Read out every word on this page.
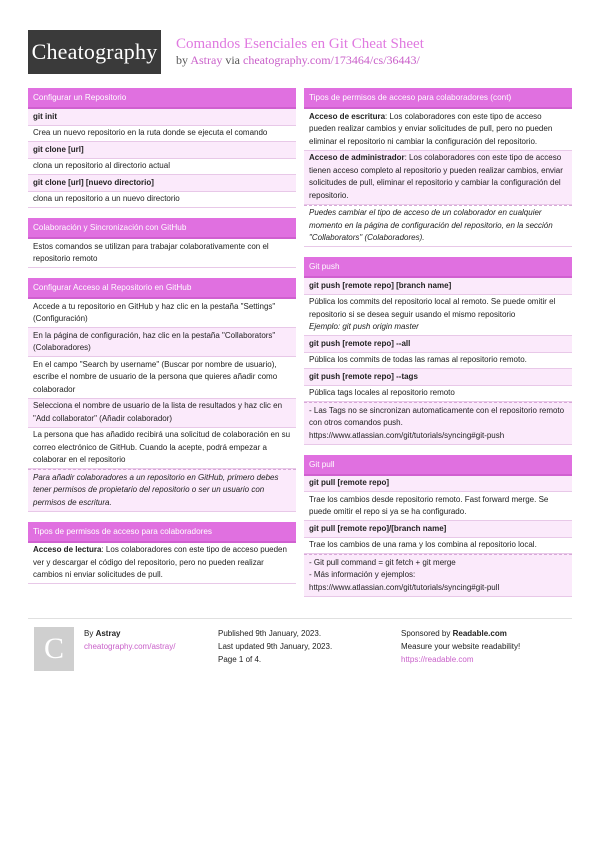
Cheatography Comandos Esenciales en Git Cheat Sheet
by Astray via cheatography.com/173464/cs/36443/
Configurar un Repositorio
git init
Crea un nuevo repositorio en la ruta donde se ejecuta el comando
git clone [url]
clona un repositorio al directorio actual
git clone [url] [nuevo directorio]
clona un repositorio a un nuevo directorio
Colaboración y Sincronización con GitHub
Estos comandos se utilizan para trabajar colaborativamente con el repositorio remoto
Configurar Acceso al Repositorio en GitHub
Accede a tu repositorio en GitHub y haz clic en la pestaña "Settings" (Configuración)
En la página de configuración, haz clic en la pestaña "Collaborators" (Colaboradores)
En el campo "Search by username" (Buscar por nombre de usuario), escribe el nombre de usuario de la persona que quieres añadir como colaborador
Selecciona el nombre de usuario de la lista de resultados y haz clic en "Add collaborator" (Añadir colaborador)
La persona que has añadido recibirá una solicitud de colaboración en su correo electrónico de GitHub. Cuando la acepte, podrá empezar a colaborar en el repositorio
Para añadir colaboradores a un repositorio en GitHub, primero debes tener permisos de propietario del repositorio o ser un usuario con permisos de escritura.
Tipos de permisos de acceso para colaboradores
Acceso de lectura: Los colaboradores con este tipo de acceso pueden ver y descargar el código del repositorio, pero no pueden realizar cambios ni enviar solicitudes de pull.
Tipos de permisos de acceso para colaboradores (cont)
Acceso de escritura: Los colaboradores con este tipo de acceso pueden realizar cambios y enviar solicitudes de pull, pero no pueden eliminar el repositorio ni cambiar la configuración del repositorio.
Acceso de administrador: Los colaboradores con este tipo de acceso tienen acceso completo al repositorio y pueden realizar cambios, enviar solicitudes de pull, eliminar el repositorio y cambiar la configuración del repositorio.
Puedes cambiar el tipo de acceso de un colaborador en cualquier momento en la página de configuración del repositorio, en la sección "Collaborators" (Colaboradores).
Git push
git push [remote repo] [branch name]
Pública los commits del repositorio local al remoto. Se puede omitir el repositorio si se desea seguir usando el mismo repositorio
Ejemplo: git push origin master
git push [remote repo] --all
Pública los commits de todas las ramas al repositorio remoto.
git push [remote repo] --tags
Pública tags locales al repositorio remoto
- Las Tags no se sincronizan automaticamente con el repositorio remoto con otros comandos push.
https://www.atlassian.com/git/tutorials/syncing#git-push
Git pull
git pull [remote repo]
Trae los cambios desde repositorio remoto. Fast forward merge. Se puede omitir el repo si ya se ha configurado.
git pull [remote repo]/[branch name]
Trae los cambios de una rama y los combina al repositorio local.
- Git pull command = git fetch + git merge
- Más información y ejemplos:
https://www.atlassian.com/git/tutorials/syncing#git-pull
C	By Astray
cheatography.com/astray/
Published 9th January, 2023.
Last updated 9th January, 2023.
Page 1 of 4.
Sponsored by Readable.com
Measure your website readability!
https://readable.com
